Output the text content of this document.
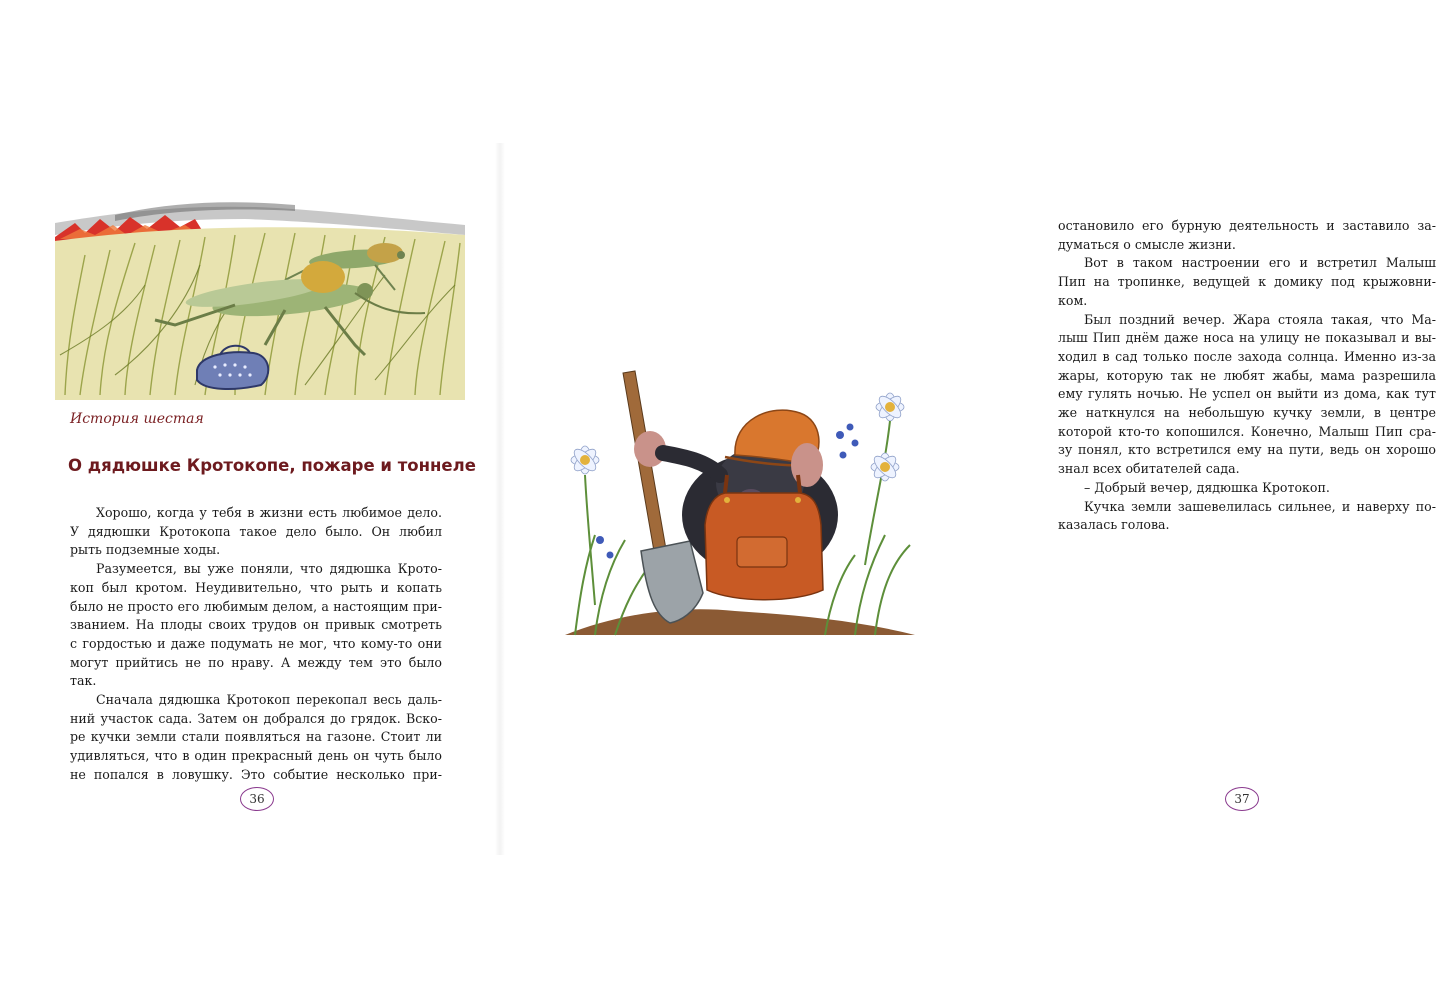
История шестая
О дядюшке Кротокопе, пожаре и тоннеле
Хорошо, когда у тебя в жизни есть любимое дело.
У дядюшки Кротокопа такое дело было. Он любил
рыть подземные ходы.
Разумеется, вы уже поняли, что дядюшка Крото-
коп был кротом. Неудивительно, что рыть и копать
было не просто его любимым делом, а настоящим при-
званием. На плоды своих трудов он привык смотреть
с гордостью и даже подумать не мог, что кому-то они
могут прийтись не по нраву. А между тем это было
так.
Сначала дядюшка Кротокоп перекопал весь даль-
ний участок сада. Затем он добрался до грядок. Вско-
ре кучки земли стали появляться на газоне. Стоит ли
удивляться, что в один прекрасный день он чуть было
не попался в ловушку. Это событие несколько при-
36
остановило его бурную деятельность и заставило за-
думаться о смысле жизни.
Вот в таком настроении его и встретил Малыш
Пип на тропинке, ведущей к домику под крыжовни-
ком.
Был поздний вечер. Жара стояла такая, что Ма-
лыш Пип днём даже носа на улицу не показывал и вы-
ходил в сад только после захода солнца. Именно из-за
жары, которую так не любят жабы, мама разрешила
ему гулять ночью. Не успел он выйти из дома, как тут
же наткнулся на небольшую кучку земли, в центре
которой кто-то копошился. Конечно, Малыш Пип сра-
зу понял, кто встретился ему на пути, ведь он хорошо
знал всех обитателей сада.
– Добрый вечер, дядюшка Кротокоп.
Кучка земли зашевелилась сильнее, и наверху по-
казалась голова.
37
